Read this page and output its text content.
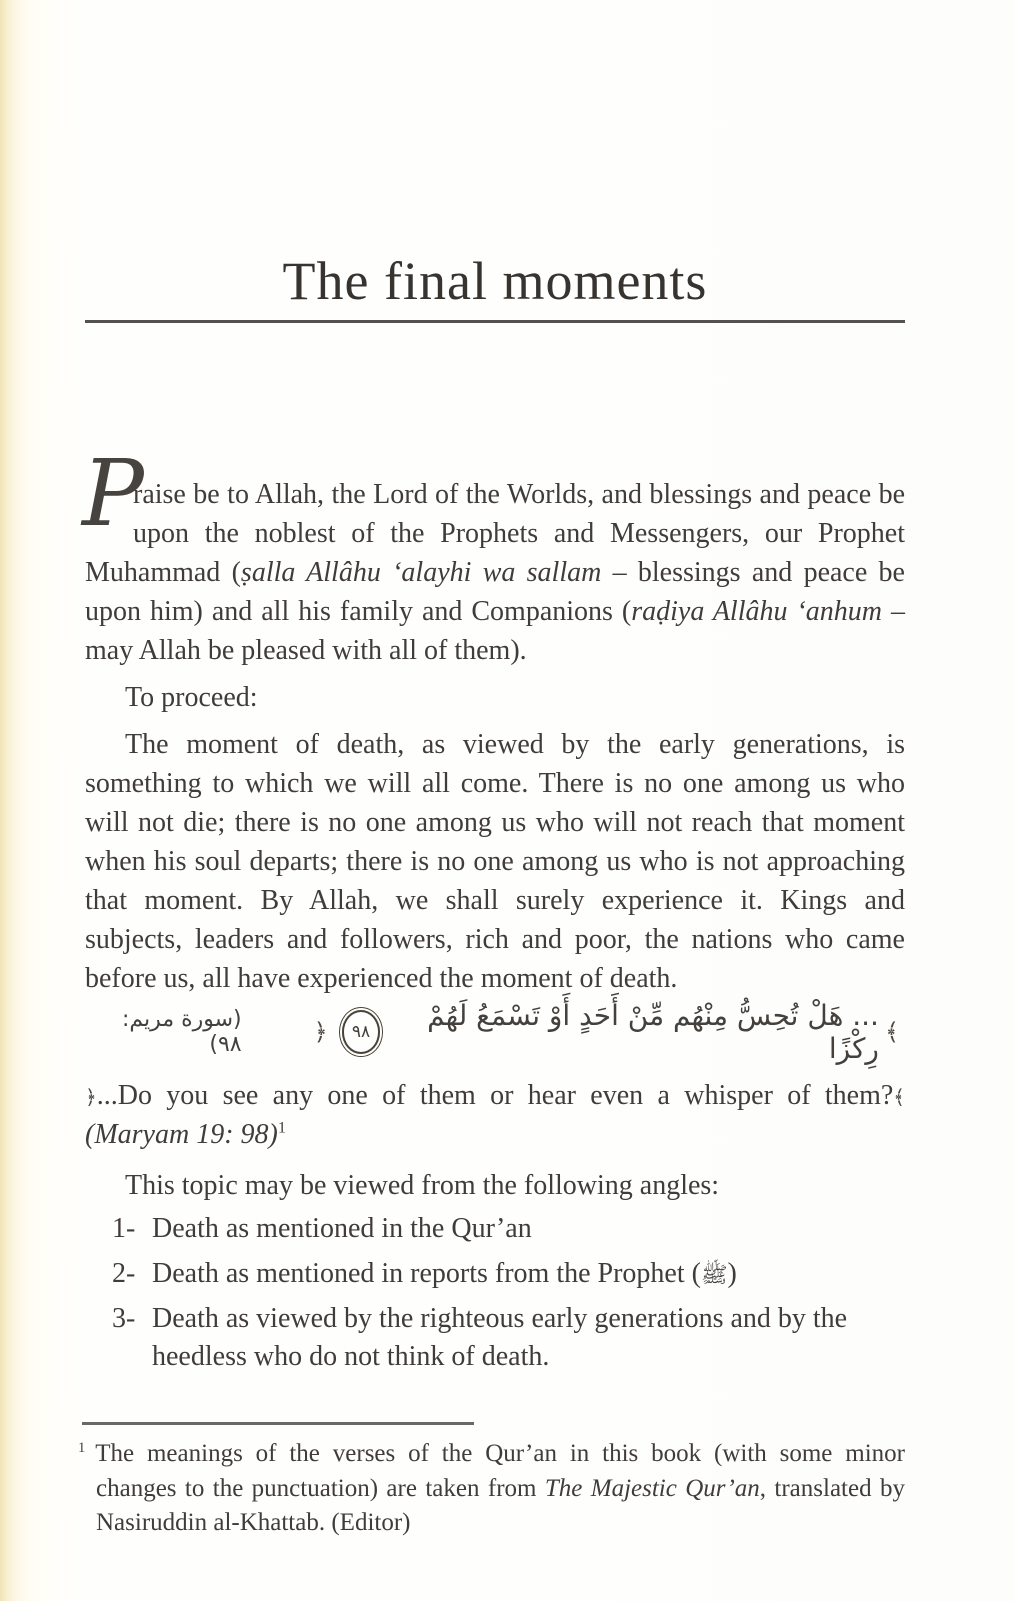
The final moments

P
raise be to Allah, the Lord of the Worlds, and blessings and peace be upon the noblest of the Prophets and Messengers, our Prophet Muhammad (ṣalla Allâhu ‘alayhi wa sallam – blessings and peace be upon him) and all his family and Companions (raḍiya Allâhu ‘anhum – may Allah be pleased with all of them).

To proceed:

The moment of death, as viewed by the early generations, is something to which we will all come. There is no one among us who will not die; there is no one among us who will not reach that moment when his soul departs; there is no one among us who is not approaching that moment. By Allah, we shall surely experience it. Kings and subjects, leaders and followers, rich and poor, the nations who came before us, all have experienced the moment of death.

﴾
... هَلْ تُحِسُّ مِنْهُم مِّنْ أَحَدٍ أَوْ تَسْمَعُ لَهُمْ رِكْزًا
٩٨
﴿
(سورة مريم: ٩٨)

﴿...Do you see any one of them or hear even a whisper of them?﴾

(Maryam 19: 98)$^1$

This topic may be viewed from the following angles:

1- Death as mentioned in the Qur’an
2- Death as mentioned in reports from the Prophet (ﷺ)
3- Death as viewed by the righteous early generations and by the heedless who do not think of death.

$^1$ The meanings of the verses of the Qur’an in this book (with some minor changes to the punctuation) are taken from The Majestic Qur’an, translated by Nasiruddin al-Khattab. (Editor)
